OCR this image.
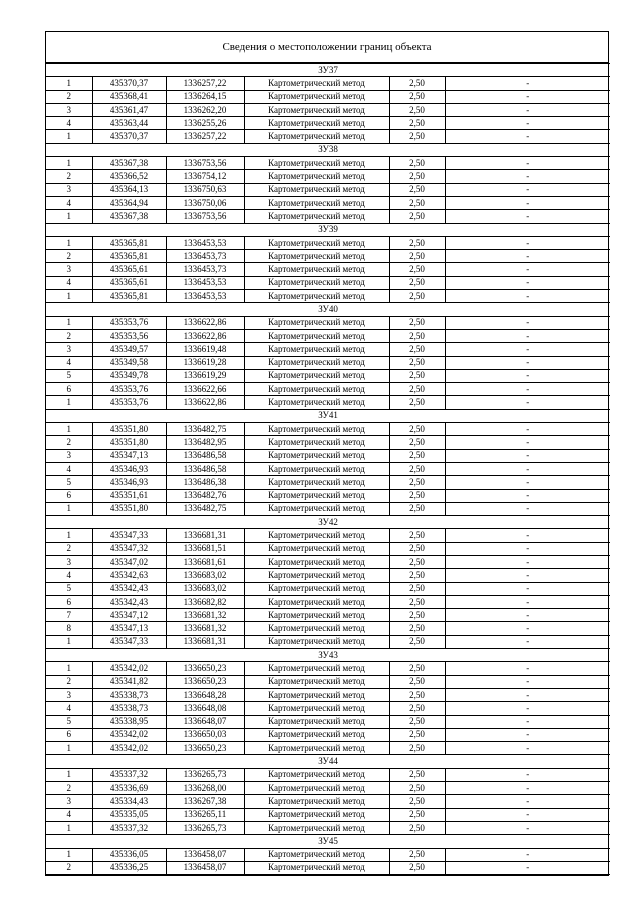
Сведения о местоположении границ объекта
ЗУ37					
1	435370,37	1336257,22	Картометрический метод	2,50	-
2	435368,41	1336264,15	Картометрический метод	2,50	-
3	435361,47	1336262,20	Картометрический метод	2,50	-
4	435363,44	1336255,26	Картометрический метод	2,50	-
1	435370,37	1336257,22	Картометрический метод	2,50	-
ЗУ38					
1	435367,38	1336753,56	Картометрический метод	2,50	-
2	435366,52	1336754,12	Картометрический метод	2,50	-
3	435364,13	1336750,63	Картометрический метод	2,50	-
4	435364,94	1336750,06	Картометрический метод	2,50	-
1	435367,38	1336753,56	Картометрический метод	2,50	-
ЗУ39					
1	435365,81	1336453,53	Картометрический метод	2,50	-
2	435365,81	1336453,73	Картометрический метод	2,50	-
3	435365,61	1336453,73	Картометрический метод	2,50	-
4	435365,61	1336453,53	Картометрический метод	2,50	-
1	435365,81	1336453,53	Картометрический метод	2,50	-
ЗУ40					
1	435353,76	1336622,86	Картометрический метод	2,50	-
2	435353,56	1336622,86	Картометрический метод	2,50	-
3	435349,57	1336619,48	Картометрический метод	2,50	-
4	435349,58	1336619,28	Картометрический метод	2,50	-
5	435349,78	1336619,29	Картометрический метод	2,50	-
6	435353,76	1336622,66	Картометрический метод	2,50	-
1	435353,76	1336622,86	Картометрический метод	2,50	-
ЗУ41					
1	435351,80	1336482,75	Картометрический метод	2,50	-
2	435351,80	1336482,95	Картометрический метод	2,50	-
3	435347,13	1336486,58	Картометрический метод	2,50	-
4	435346,93	1336486,58	Картометрический метод	2,50	-
5	435346,93	1336486,38	Картометрический метод	2,50	-
6	435351,61	1336482,76	Картометрический метод	2,50	-
1	435351,80	1336482,75	Картометрический метод	2,50	-
ЗУ42					
1	435347,33	1336681,31	Картометрический метод	2,50	-
2	435347,32	1336681,51	Картометрический метод	2,50	-
3	435347,02	1336681,61	Картометрический метод	2,50	-
4	435342,63	1336683,02	Картометрический метод	2,50	-
5	435342,43	1336683,02	Картометрический метод	2,50	-
6	435342,43	1336682,82	Картометрический метод	2,50	-
7	435347,12	1336681,32	Картометрический метод	2,50	-
8	435347,13	1336681,32	Картометрический метод	2,50	-
1	435347,33	1336681,31	Картометрический метод	2,50	-
ЗУ43					
1	435342,02	1336650,23	Картометрический метод	2,50	-
2	435341,82	1336650,23	Картометрический метод	2,50	-
3	435338,73	1336648,28	Картометрический метод	2,50	-
4	435338,73	1336648,08	Картометрический метод	2,50	-
5	435338,95	1336648,07	Картометрический метод	2,50	-
6	435342,02	1336650,03	Картометрический метод	2,50	-
1	435342,02	1336650,23	Картометрический метод	2,50	-
ЗУ44					
1	435337,32	1336265,73	Картометрический метод	2,50	-
2	435336,69	1336268,00	Картометрический метод	2,50	-
3	435334,43	1336267,38	Картометрический метод	2,50	-
4	435335,05	1336265,11	Картометрический метод	2,50	-
1	435337,32	1336265,73	Картометрический метод	2,50	-
ЗУ45					
1	435336,05	1336458,07	Картометрический метод	2,50	-
2	435336,25	1336458,07	Картометрический метод	2,50	-
